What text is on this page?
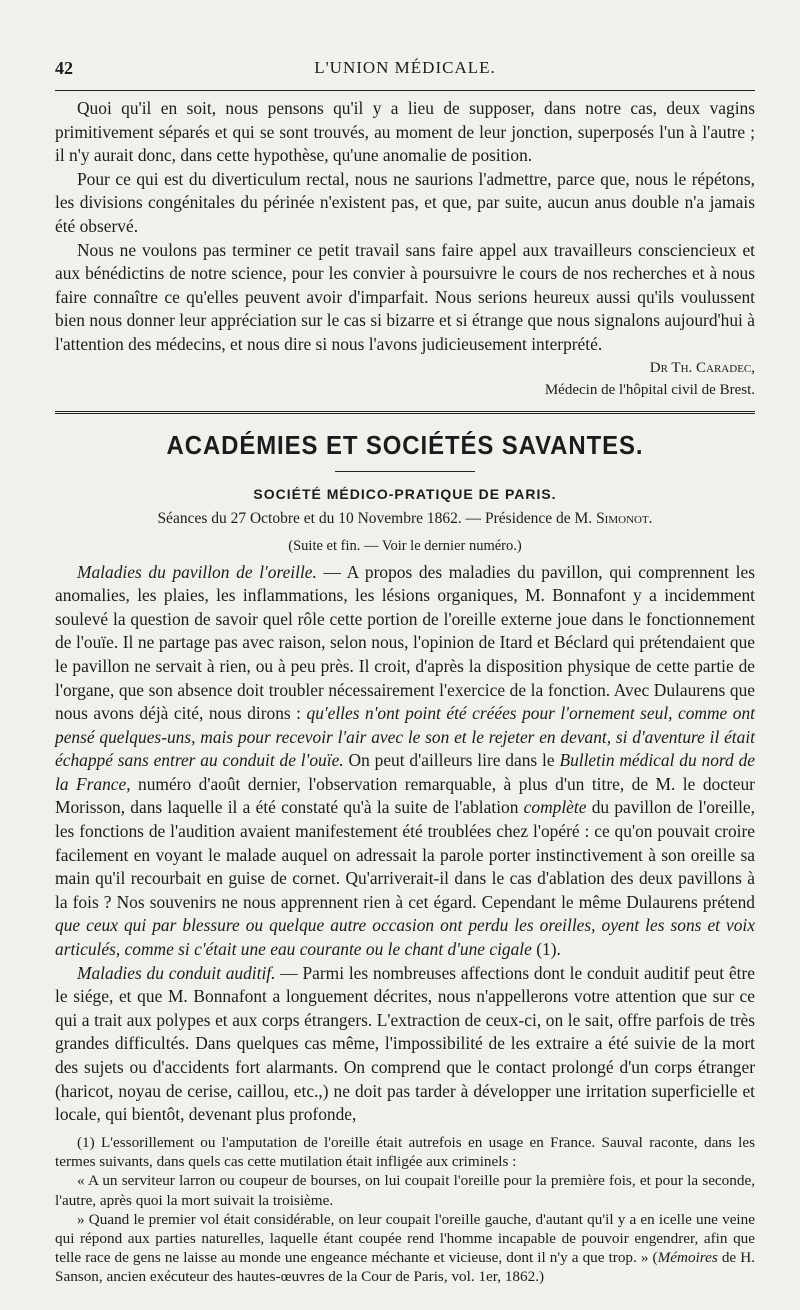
42	L'UNION MÉDICALE.

Quoi qu'il en soit, nous pensons qu'il y a lieu de supposer, dans notre cas, deux vagins primitivement séparés et qui se sont trouvés, au moment de leur jonction, superposés l'un à l'autre ; il n'y aurait donc, dans cette hypothèse, qu'une anomalie de position.

Pour ce qui est du diverticulum rectal, nous ne saurions l'admettre, parce que, nous le répétons, les divisions congénitales du périnée n'existent pas, et que, par suite, aucun anus double n'a jamais été observé.

Nous ne voulons pas terminer ce petit travail sans faire appel aux travailleurs consciencieux et aux bénédictins de notre science, pour les convier à poursuivre le cours de nos recherches et à nous faire connaître ce qu'elles peuvent avoir d'imparfait. Nous serions heureux aussi qu'ils voulussent bien nous donner leur appréciation sur le cas si bizarre et si étrange que nous signalons aujourd'hui à l'attention des médecins, et nous dire si nous l'avons judicieusement interprété.

Dr Th. Caradec,

Médecin de l'hôpital civil de Brest.

ACADÉMIES ET SOCIÉTÉS SAVANTES.

SOCIÉTÉ MÉDICO-PRATIQUE DE PARIS.

Séances du 27 Octobre et du 10 Novembre 1862. — Présidence de M. Simonot.

(Suite et fin. — Voir le dernier numéro.)

Maladies du pavillon de l'oreille. — A propos des maladies du pavillon, qui comprennent les anomalies, les plaies, les inflammations, les lésions organiques, M. Bonnafont y a incidemment soulevé la question de savoir quel rôle cette portion de l'oreille externe joue dans le fonctionnement de l'ouïe. Il ne partage pas avec raison, selon nous, l'opinion de Itard et Béclard qui prétendaient que le pavillon ne servait à rien, ou à peu près. Il croit, d'après la disposition physique de cette partie de l'organe, que son absence doit troubler nécessairement l'exercice de la fonction. Avec Dulaurens que nous avons déjà cité, nous dirons : qu'elles n'ont point été créées pour l'ornement seul, comme ont pensé quelques-uns, mais pour recevoir l'air avec le son et le rejeter en devant, si d'aventure il était échappé sans entrer au conduit de l'ouïe. On peut d'ailleurs lire dans le Bulletin médical du nord de la France, numéro d'août dernier, l'observation remarquable, à plus d'un titre, de M. le docteur Morisson, dans laquelle il a été constaté qu'à la suite de l'ablation complète du pavillon de l'oreille, les fonctions de l'audition avaient manifestement été troublées chez l'opéré : ce qu'on pouvait croire facilement en voyant le malade auquel on adressait la parole porter instinctivement à son oreille sa main qu'il recourbait en guise de cornet. Qu'arriverait-il dans le cas d'ablation des deux pavillons à la fois ? Nos souvenirs ne nous apprennent rien à cet égard. Cependant le même Dulaurens prétend que ceux qui par blessure ou quelque autre occasion ont perdu les oreilles, oyent les sons et voix articulés, comme si c'était une eau courante ou le chant d'une cigale (1).

Maladies du conduit auditif. — Parmi les nombreuses affections dont le conduit auditif peut être le siége, et que M. Bonnafont a longuement décrites, nous n'appellerons votre attention que sur ce qui a trait aux polypes et aux corps étrangers. L'extraction de ceux-ci, on le sait, offre parfois de très grandes difficultés. Dans quelques cas même, l'impossibilité de les extraire a été suivie de la mort des sujets ou d'accidents fort alarmants. On comprend que le contact prolongé d'un corps étranger (haricot, noyau de cerise, caillou, etc.,) ne doit pas tarder à développer une irritation superficielle et locale, qui bientôt, devenant plus profonde,

(1) L'essorillement ou l'amputation de l'oreille était autrefois en usage en France. Sauval raconte, dans les termes suivants, dans quels cas cette mutilation était infligée aux criminels :

« A un serviteur larron ou coupeur de bourses, on lui coupait l'oreille pour la première fois, et pour la seconde, l'autre, après quoi la mort suivait la troisième.

» Quand le premier vol était considérable, on leur coupait l'oreille gauche, d'autant qu'il y a en icelle une veine qui répond aux parties naturelles, laquelle étant coupée rend l'homme incapable de pouvoir engendrer, afin que telle race de gens ne laisse au monde une engeance méchante et vicieuse, dont il n'y a que trop. » (Mémoires de H. Sanson, ancien exécuteur des hautes-œuvres de la Cour de Paris, vol. 1er, 1862.)
